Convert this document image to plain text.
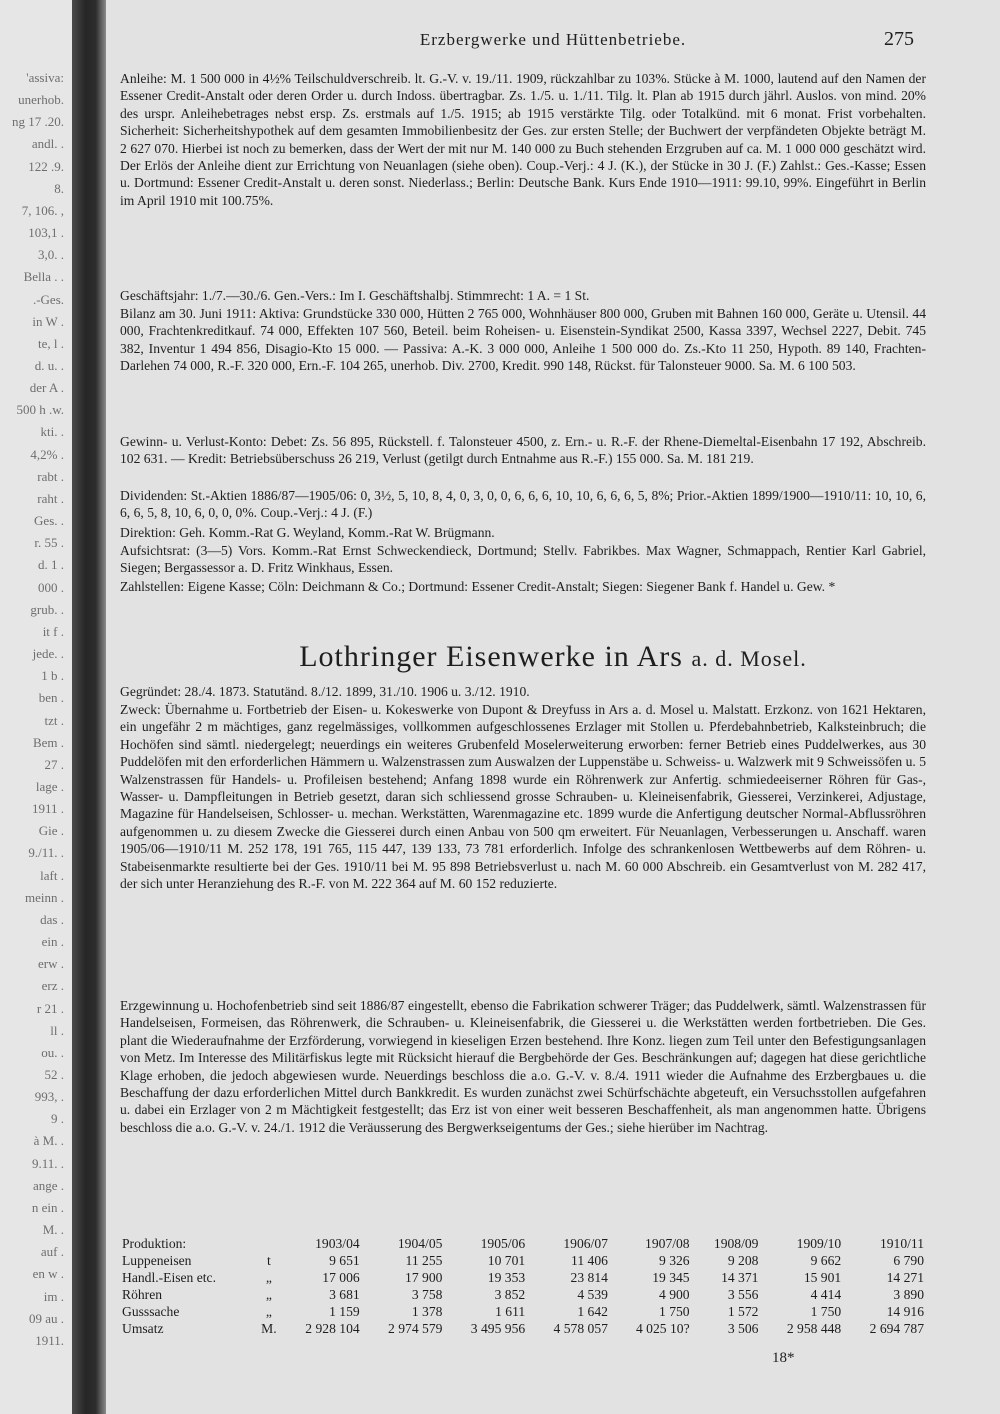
'assiva:
unerhob.
ng 17 .20.
andl. .
122 .9.
8.
7, 106. ,
103,1 .
3,0. .
Bella . .
.-Ges.
in W .
te, l .
d. u. .
der A .
500 h .w.
kti. .
4,2% .
rabt .
raht .
Ges. .
r. 55 .
d. 1 .
000 .
grub. .
it f .
jede. .
1 b .
ben .
tzt .
Bem .
27 .
lage .
1911 .
Gie .
9./11. .
laft .
meinn .
das .
ein .
erw .
erz .
r 21 .
ll .
ou. .
52 .
993, .
9 .
à M. .
9.11. .
ange .
n ein .
M. .
auf .
en w .
im .
09 au .
1911.
Erzbergwerke und Hüttenbetriebe.	275

Anleihe: M. 1 500 000 in 4½% Teilschuldverschreib. lt. G.-V. v. 19./11. 1909, rückzahlbar zu 103%. Stücke à M. 1000, lautend auf den Namen der Essener Credit-Anstalt oder deren Order u. durch Indoss. übertragbar. Zs. 1./5. u. 1./11. Tilg. lt. Plan ab 1915 durch jährl. Auslos. von mind. 20% des urspr. Anleihebetrages nebst ersp. Zs. erstmals auf 1./5. 1915; ab 1915 verstärkte Tilg. oder Totalkünd. mit 6 monat. Frist vorbehalten. Sicherheit: Sicherheitshypothek auf dem gesamten Immobilienbesitz der Ges. zur ersten Stelle; der Buchwert der verpfändeten Objekte beträgt M. 2 627 070. Hierbei ist noch zu bemerken, dass der Wert der mit nur M. 140 000 zu Buch stehenden Erzgruben auf ca. M. 1 000 000 geschätzt wird. Der Erlös der Anleihe dient zur Errichtung von Neuanlagen (siehe oben). Coup.-Verj.: 4 J. (K.), der Stücke in 30 J. (F.) Zahlst.: Ges.-Kasse; Essen u. Dortmund: Essener Credit-Anstalt u. deren sonst. Niederlass.; Berlin: Deutsche Bank. Kurs Ende 1910—1911: 99.10, 99%. Eingeführt in Berlin im April 1910 mit 100.75%.

Geschäftsjahr: 1./7.—30./6. Gen.-Vers.: Im I. Geschäftshalbj. Stimmrecht: 1 A. = 1 St.

Bilanz am 30. Juni 1911: Aktiva: Grundstücke 330 000, Hütten 2 765 000, Wohnhäuser 800 000, Gruben mit Bahnen 160 000, Geräte u. Utensil. 44 000, Frachtenkreditkauf. 74 000, Effekten 107 560, Beteil. beim Roheisen- u. Eisenstein-Syndikat 2500, Kassa 3397, Wechsel 2227, Debit. 745 382, Inventur 1 494 856, Disagio-Kto 15 000. — Passiva: A.-K. 3 000 000, Anleihe 1 500 000 do. Zs.-Kto 11 250, Hypoth. 89 140, Frachten-Darlehen 74 000, R.-F. 320 000, Ern.-F. 104 265, unerhob. Div. 2700, Kredit. 990 148, Rückst. für Talonsteuer 9000. Sa. M. 6 100 503.

Gewinn- u. Verlust-Konto: Debet: Zs. 56 895, Rückstell. f. Talonsteuer 4500, z. Ern.- u. R.-F. der Rhene-Diemeltal-Eisenbahn 17 192, Abschreib. 102 631. — Kredit: Betriebsüberschuss 26 219, Verlust (getilgt durch Entnahme aus R.-F.) 155 000. Sa. M. 181 219.

Dividenden: St.-Aktien 1886/87—1905/06: 0, 3½, 5, 10, 8, 4, 0, 3, 0, 0, 6, 6, 6, 10, 10, 6, 6, 6, 5, 8%; Prior.-Aktien 1899/1900—1910/11: 10, 10, 6, 6, 6, 5, 8, 10, 6, 0, 0, 0%. Coup.-Verj.: 4 J. (F.)

Direktion: Geh. Komm.-Rat G. Weyland, Komm.-Rat W. Brügmann.

Aufsichtsrat: (3—5) Vors. Komm.-Rat Ernst Schweckendieck, Dortmund; Stellv. Fabrikbes. Max Wagner, Schmappach, Rentier Karl Gabriel, Siegen; Bergassessor a. D. Fritz Winkhaus, Essen.

Zahlstellen: Eigene Kasse; Cöln: Deichmann & Co.; Dortmund: Essener Credit-Anstalt; Siegen: Siegener Bank f. Handel u. Gew. *

Lothringer Eisenwerke in Ars a. d. Mosel.

Gegründet: 28./4. 1873. Statutänd. 8./12. 1899, 31./10. 1906 u. 3./12. 1910.

Zweck: Übernahme u. Fortbetrieb der Eisen- u. Kokeswerke von Dupont & Dreyfuss in Ars a. d. Mosel u. Malstatt. Erzkonz. von 1621 Hektaren, ein ungefähr 2 m mächtiges, ganz regelmässiges, vollkommen aufgeschlossenes Erzlager mit Stollen u. Pferdebahnbetrieb, Kalksteinbruch; die Hochöfen sind sämtl. niedergelegt; neuerdings ein weiteres Grubenfeld Moselerweiterung erworben: ferner Betrieb eines Puddelwerkes, aus 30 Puddelöfen mit den erforderlichen Hämmern u. Walzenstrassen zum Auswalzen der Luppenstäbe u. Schweiss- u. Walzwerk mit 9 Schweissöfen u. 5 Walzenstrassen für Handels- u. Profileisen bestehend; Anfang 1898 wurde ein Röhrenwerk zur Anfertig. schmiedeeiserner Röhren für Gas-, Wasser- u. Dampfleitungen in Betrieb gesetzt, daran sich schliessend grosse Schrauben- u. Kleineisenfabrik, Giesserei, Verzinkerei, Adjustage, Magazine für Handelseisen, Schlosser- u. mechan. Werkstätten, Warenmagazine etc. 1899 wurde die Anfertigung deutscher Normal-Abflussröhren aufgenommen u. zu diesem Zwecke die Giesserei durch einen Anbau von 500 qm erweitert. Für Neuanlagen, Verbesserungen u. Anschaff. waren 1905/06—1910/11 M. 252 178, 191 765, 115 447, 139 133, 73 781 erforderlich. Infolge des schrankenlosen Wettbewerbs auf dem Röhren- u. Stabeisenmarkte resultierte bei der Ges. 1910/11 bei M. 95 898 Betriebsverlust u. nach M. 60 000 Abschreib. ein Gesamtverlust von M. 282 417, der sich unter Heranziehung des R.-F. von M. 222 364 auf M. 60 152 reduzierte.

Erzgewinnung u. Hochofenbetrieb sind seit 1886/87 eingestellt, ebenso die Fabrikation schwerer Träger; das Puddelwerk, sämtl. Walzenstrassen für Handelseisen, Formeisen, das Röhrenwerk, die Schrauben- u. Kleineisenfabrik, die Giesserei u. die Werkstätten werden fortbetrieben. Die Ges. plant die Wiederaufnahme der Erzförderung, vorwiegend in kieseligen Erzen bestehend. Ihre Konz. liegen zum Teil unter den Befestigungsanlagen von Metz. Im Interesse des Militärfiskus legte mit Rücksicht hierauf die Bergbehörde der Ges. Beschränkungen auf; dagegen hat diese gerichtliche Klage erhoben, die jedoch abgewiesen wurde. Neuerdings beschloss die a.o. G.-V. v. 8./4. 1911 wieder die Aufnahme des Erzbergbaues u. die Beschaffung der dazu erforderlichen Mittel durch Bankkredit. Es wurden zunächst zwei Schürfschächte abgeteuft, ein Versuchsstollen aufgefahren u. dabei ein Erzlager von 2 m Mächtigkeit festgestellt; das Erz ist von einer weit besseren Beschaffenheit, als man angenommen hatte. Übrigens beschloss die a.o. G.-V. v. 24./1. 1912 die Veräusserung des Bergwerkseigentums der Ges.; siehe hierüber im Nachtrag.

Produktion:		1903/04	1904/05	1905/06	1906/07	1907/08	1908/09	1909/10	1910/11
Luppeneisen	t	9 651	11 255	10 701	11 406	9 326	9 208	9 662	6 790
Handl.-Eisen etc.	„	17 006	17 900	19 353	23 814	19 345	14 371	15 901	14 271
Röhren	„	3 681	3 758	3 852	4 539	4 900	3 556	4 414	3 890
Gusssache	„	1 159	1 378	1 611	1 642	1 750	1 572	1 750	14 916
Umsatz	M.	2 928 104	2 974 579	3 495 956	4 578 057	4 025 10?	3 506	2 958 448	2 694 787
18*
